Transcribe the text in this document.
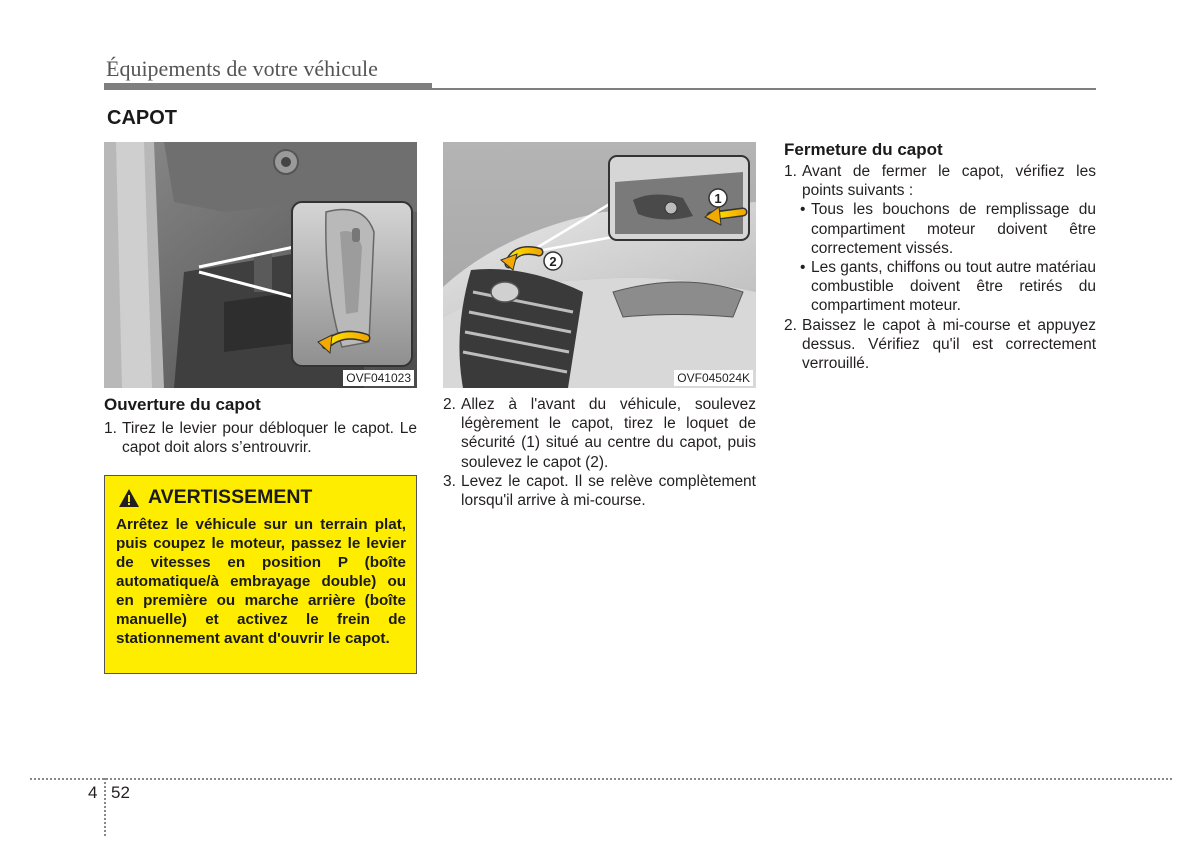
Équipements de votre véhicule
CAPOT
OVF041023
1
2
OVF045024K
Ouverture du capot
1. Tirez le levier pour débloquer le capot. Le capot doit alors s’entrouvrir.
AVERTISSEMENT
Arrêtez le véhicule sur un terrain plat, puis coupez le moteur, passez le levier de vitesses en position P (boîte automatique/à embrayage double) ou en première ou marche arrière (boîte manuelle) et activez le frein de stationnement avant d'ouvrir le capot.
2. Allez à l'avant du véhicule, soulevez légèrement le capot, tirez le loquet de sécurité (1) situé au centre du capot, puis soulevez le capot (2).
3. Levez le capot. Il se relève complètement lorsqu'il arrive à mi-course.
Fermeture du capot
1. Avant de fermer le capot, vérifiez les points suivants :
• Tous les bouchons de remplissage du compartiment moteur doivent être correctement vissés.
• Les gants, chiffons ou tout autre matériau combustible doivent être retirés du compartiment moteur.
2. Baissez le capot à mi-course et appuyez dessus. Vérifiez qu'il est correctement verrouillé.
4 52
